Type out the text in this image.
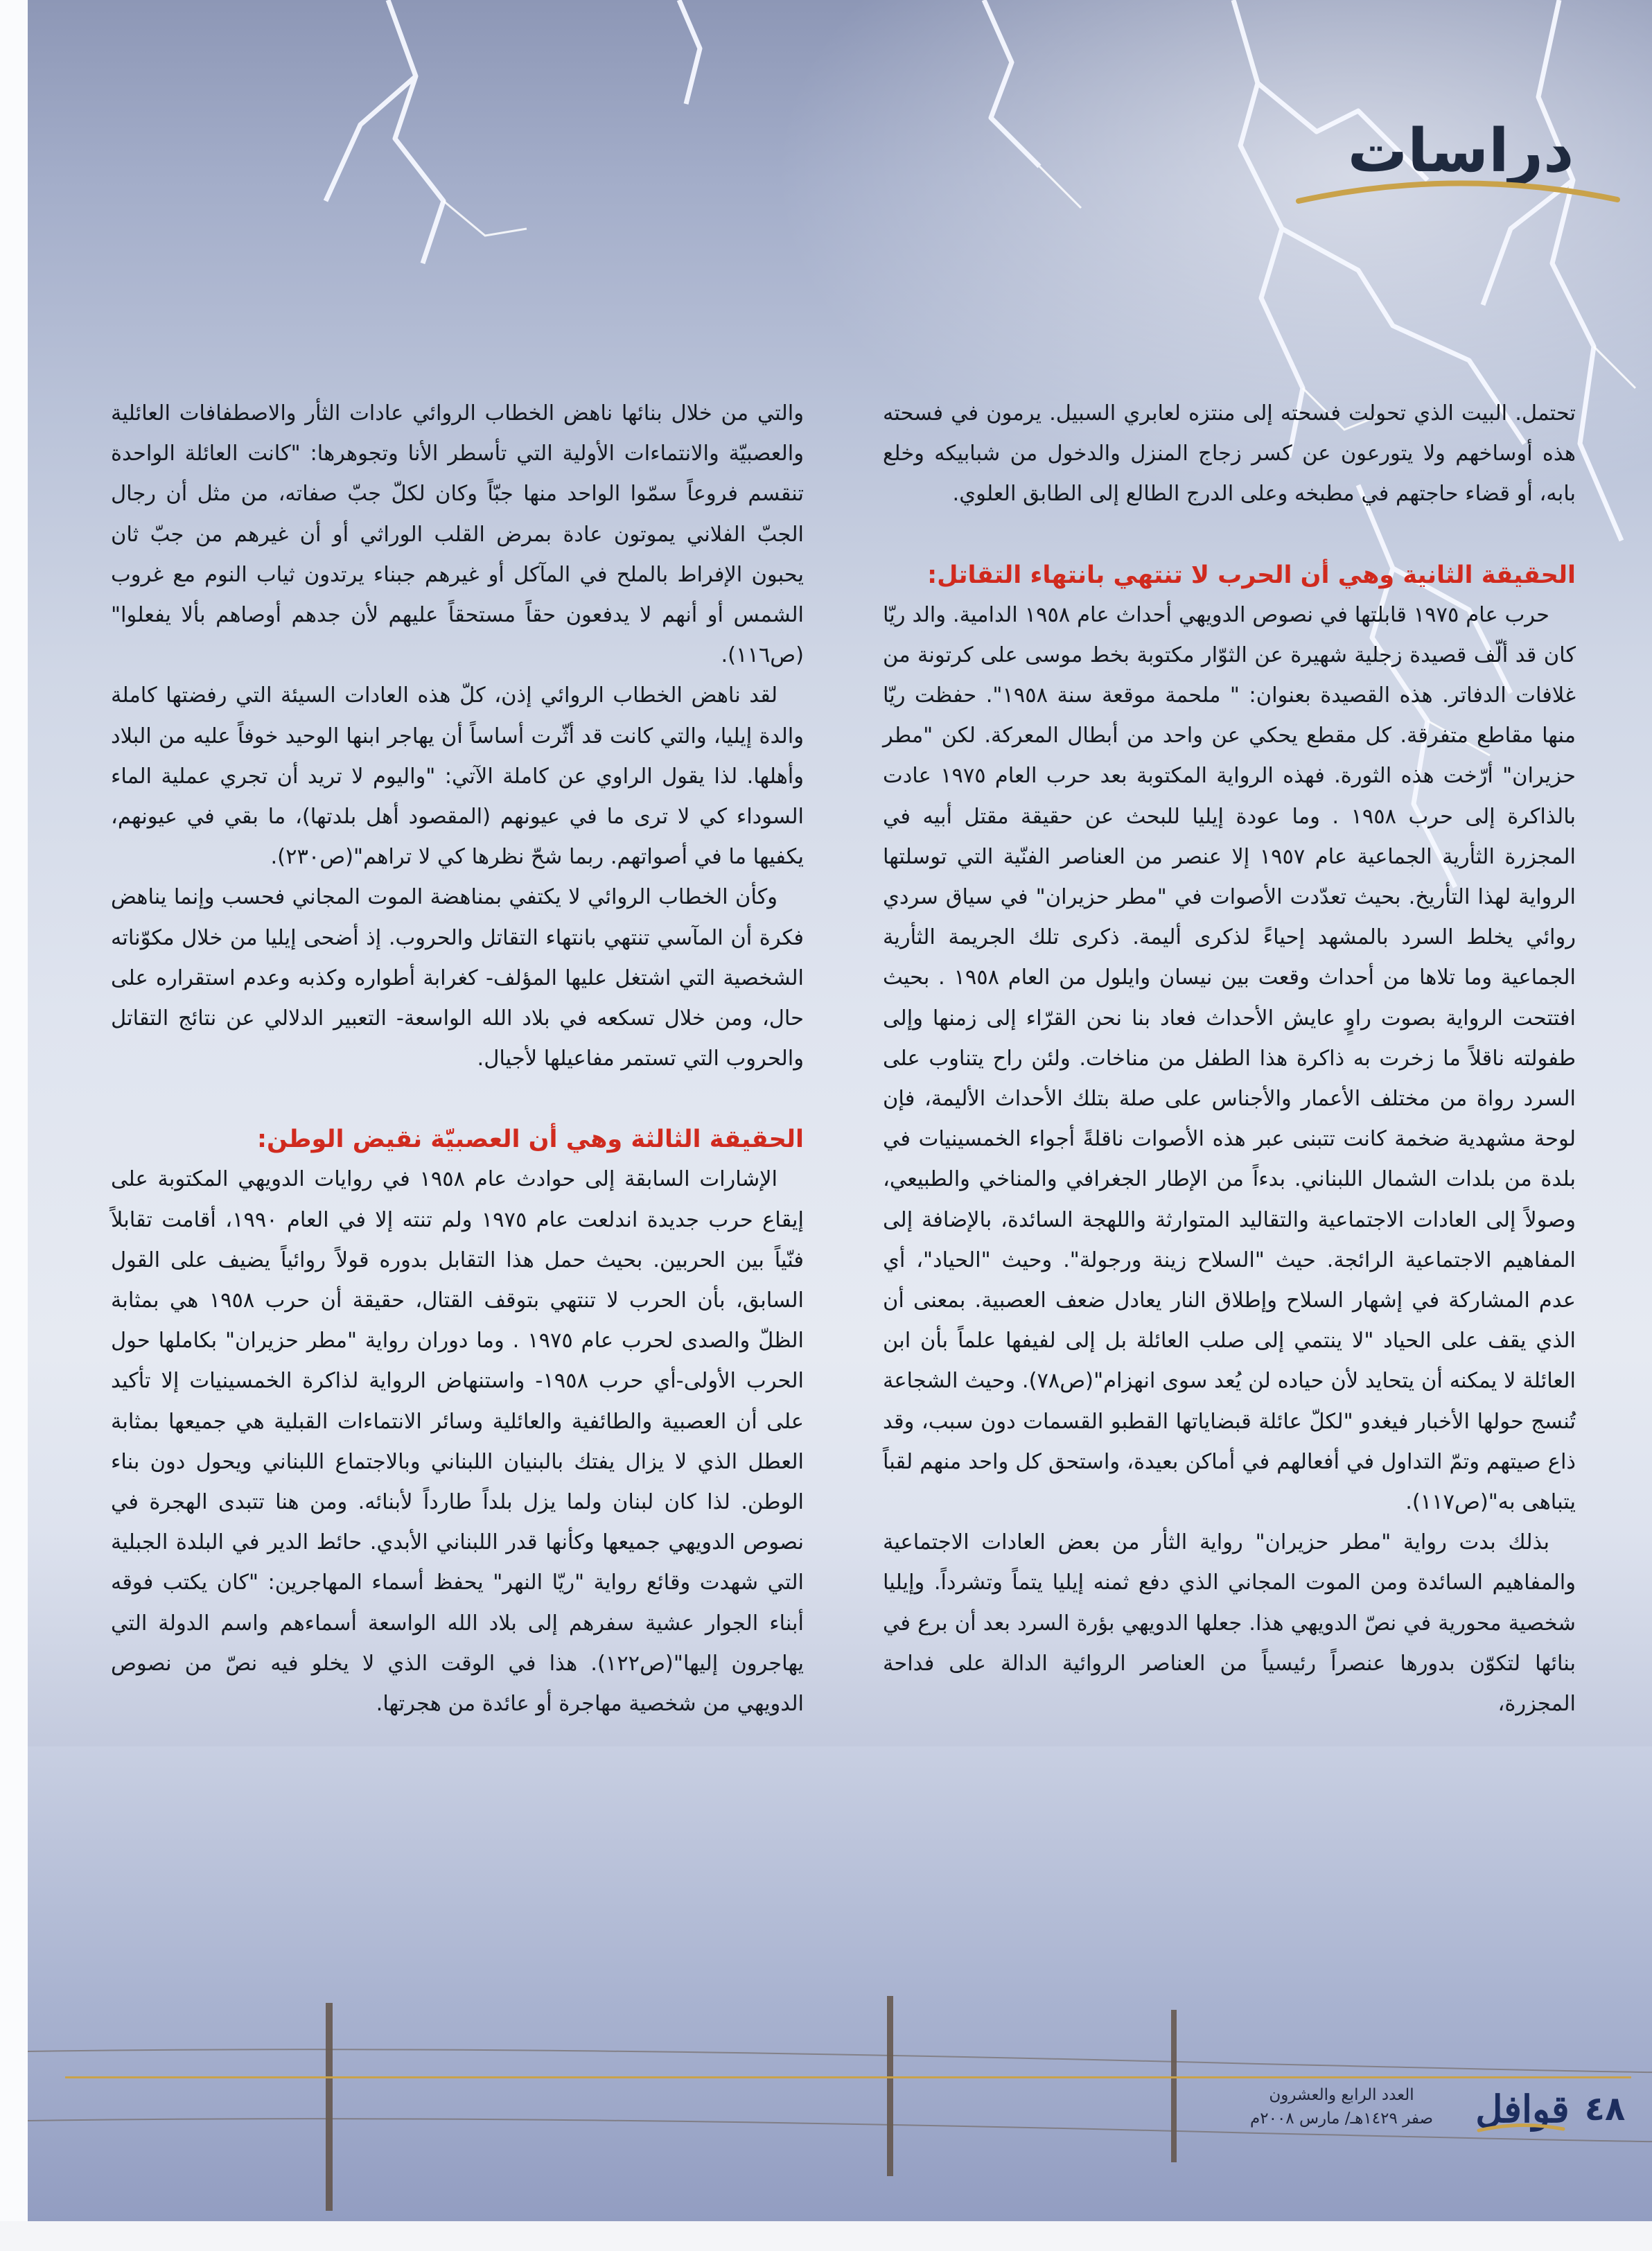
دراسات

تحتمل. البيت الذي تحولت فسحته إلى منتزه لعابري السبيل. يرمون في فسحته هذه أوساخهم ولا يتورعون عن كسر زجاج المنزل والدخول من شبابيكه وخلع بابه، أو قضاء حاجتهم في مطبخه وعلى الدرج الطالع إلى الطابق العلوي.

الحقيقة الثانية وهي أن الحرب لا تنتهي بانتهاء التقاتل:

حرب عام ١٩٧٥ قابلتها في نصوص الدويهي أحداث عام ١٩٥٨ الدامية. والد ريّا كان قد ألّف قصيدة زجلية شهيرة عن الثوّار مكتوبة بخط موسى على كرتونة من غلافات الدفاتر. هذه القصيدة بعنوان: " ملحمة موقعة سنة ١٩٥٨". حفظت ريّا منها مقاطع متفرقة. كل مقطع يحكي عن واحد من أبطال المعركة. لكن "مطر حزيران" أرّخت هذه الثورة. فهذه الرواية المكتوبة بعد حرب العام ١٩٧٥ عادت بالذاكرة إلى حرب ١٩٥٨ . وما عودة إيليا للبحث عن حقيقة مقتل أبيه في المجزرة الثأرية الجماعية عام ١٩٥٧ إلا عنصر من العناصر الفنّية التي توسلتها الرواية لهذا التأريخ. بحيث تعدّدت الأصوات في "مطر حزيران" في سياق سردي روائي يخلط السرد بالمشهد إحياءً لذكرى أليمة. ذكرى تلك الجريمة الثأرية الجماعية وما تلاها من أحداث وقعت بين نيسان وايلول من العام ١٩٥٨ . بحيث افتتحت الرواية بصوت راوٍ عايش الأحداث فعاد بنا نحن القرّاء إلى زمنها وإلى طفولته ناقلاً ما زخرت به ذاكرة هذا الطفل من مناخات. ولئن راح يتناوب على السرد رواة من مختلف الأعمار والأجناس على صلة بتلك الأحداث الأليمة، فإن لوحة مشهدية ضخمة كانت تتبنى عبر هذه الأصوات ناقلةً أجواء الخمسينيات في بلدة من بلدات الشمال اللبناني. بدءاً من الإطار الجغرافي والمناخي والطبيعي، وصولاً إلى العادات الاجتماعية والتقاليد المتوارثة واللهجة السائدة، بالإضافة إلى المفاهيم الاجتماعية الرائجة. حيث "السلاح زينة ورجولة". وحيث "الحياد"، أي عدم المشاركة في إشهار السلاح وإطلاق النار يعادل ضعف العصبية. بمعنى أن الذي يقف على الحياد "لا ينتمي إلى صلب العائلة بل إلى لفيفها علماً بأن ابن العائلة لا يمكنه أن يتحايد لأن حياده لن يُعد سوى انهزام"(ص٧٨). وحيث الشجاعة تُنسج حولها الأخبار فيغدو "لكلّ عائلة قبضاياتها القطبو القسمات دون سبب، وقد ذاع صيتهم وتمّ التداول في أفعالهم في أماكن بعيدة، واستحق كل واحد منهم لقباً يتباهى به"(ص١١٧).

بذلك بدت رواية "مطر حزيران" رواية الثأر من بعض العادات الاجتماعية والمفاهيم السائدة ومن الموت المجاني الذي دفع ثمنه إيليا يتماً وتشرداً. وإيليا شخصية محورية في نصّ الدويهي هذا. جعلها الدويهي بؤرة السرد بعد أن برع في بنائها لتكوّن بدورها عنصراً رئيسياً من العناصر الروائية الدالة على فداحة المجزرة،

والتي من خلال بنائها ناهض الخطاب الروائي عادات الثأر والاصطفافات العائلية والعصبيّة والانتماءات الأولية التي تأسطر الأنا وتجوهرها: "كانت العائلة الواحدة تنقسم فروعاً سمّوا الواحد منها جبّاً وكان لكلّ جبّ صفاته، من مثل أن رجال الجبّ الفلاني يموتون عادة بمرض القلب الوراثي أو أن غيرهم من جبّ ثان يحبون الإفراط بالملح في المآكل أو غيرهم جبناء يرتدون ثياب النوم مع غروب الشمس أو أنهم لا يدفعون حقاً مستحقاً عليهم لأن جدهم أوصاهم بألا يفعلوا"(ص١١٦).

لقد ناهض الخطاب الروائي إذن، كلّ هذه العادات السيئة التي رفضتها كاملة والدة إيليا، والتي كانت قد أثّرت أساساً أن يهاجر ابنها الوحيد خوفاً عليه من البلاد وأهلها. لذا يقول الراوي عن كاملة الآتي: "واليوم لا تريد أن تجري عملية الماء السوداء كي لا ترى ما في عيونهم (المقصود أهل بلدتها)، ما بقي في عيونهم، يكفيها ما في أصواتهم. ربما شحّ نظرها كي لا تراهم"(ص٢٣٠).

وكأن الخطاب الروائي لا يكتفي بمناهضة الموت المجاني فحسب وإنما يناهض فكرة أن المآسي تنتهي بانتهاء التقاتل والحروب. إذ أضحى إيليا من خلال مكوّناته الشخصية التي اشتغل عليها المؤلف- كغرابة أطواره وكذبه وعدم استقراره على حال، ومن خلال تسكعه في بلاد الله الواسعة- التعبير الدلالي عن نتائج التقاتل والحروب التي تستمر مفاعيلها لأجيال.

الحقيقة الثالثة وهي أن العصبيّة نقيض الوطن:

الإشارات السابقة إلى حوادث عام ١٩٥٨ في روايات الدويهي المكتوبة على إيقاع حرب جديدة اندلعت عام ١٩٧٥ ولم تنته إلا في العام ١٩٩٠، أقامت تقابلاً فنّياً بين الحربين. بحيث حمل هذا التقابل بدوره قولاً روائياً يضيف على القول السابق، بأن الحرب لا تنتهي بتوقف القتال، حقيقة أن حرب ١٩٥٨ هي بمثابة الظلّ والصدى لحرب عام ١٩٧٥ . وما دوران رواية "مطر حزيران" بكاملها حول الحرب الأولى-أي حرب ١٩٥٨- واستنهاض الرواية لذاكرة الخمسينيات إلا تأكيد على أن العصبية والطائفية والعائلية وسائر الانتماءات القبلية هي جميعها بمثابة العطل الذي لا يزال يفتك بالبنيان اللبناني وبالاجتماع اللبناني ويحول دون بناء الوطن. لذا كان لبنان ولما يزل بلداً طارداً لأبنائه. ومن هنا تتبدى الهجرة في نصوص الدويهي جميعها وكأنها قدر اللبناني الأبدي. حائط الدير في البلدة الجبلية التي شهدت وقائع رواية "ريّا النهر" يحفظ أسماء المهاجرين: "كان يكتب فوقه أبناء الجوار عشية سفرهم إلى بلاد الله الواسعة أسماءهم واسم الدولة التي يهاجرون إليها"(ص١٢٢). هذا في الوقت الذي لا يخلو فيه نصّ من نصوص الدويهي من شخصية مهاجرة أو عائدة من هجرتها.

٤٨
قوافل
العدد الرابع والعشرون
صفر ١٤٢٩هـ/ مارس ٢٠٠٨م
